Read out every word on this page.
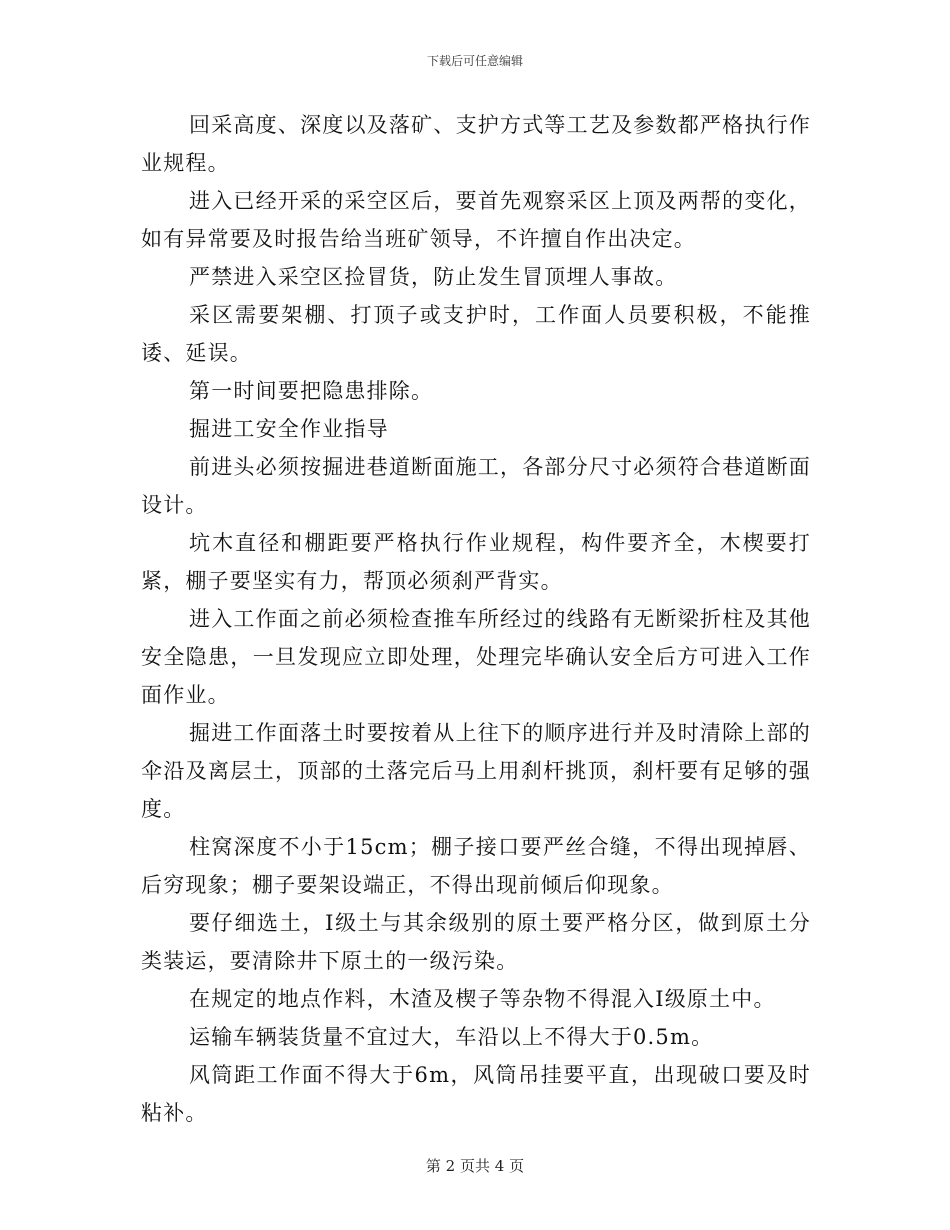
下载后可任意编辑

回采高度、深度以及落矿、支护方式等工艺及参数都严格执行作业规程。

进入已经开采的采空区后，要首先观察采区上顶及两帮的变化，如有异常要及时报告给当班矿领导，不许擅自作出决定。

严禁进入采空区捡冒货，防止发生冒顶埋人事故。

采区需要架棚、打顶子或支护时，工作面人员要积极，不能推诿、延误。

第一时间要把隐患排除。

掘进工安全作业指导

前进头必须按掘进巷道断面施工，各部分尺寸必须符合巷道断面设计。

坑木直径和棚距要严格执行作业规程，构件要齐全，木楔要打紧，棚子要坚实有力，帮顶必须刹严背实。

进入工作面之前必须检查推车所经过的线路有无断梁折柱及其他安全隐患，一旦发现应立即处理，处理完毕确认安全后方可进入工作面作业。

掘进工作面落土时要按着从上往下的顺序进行并及时清除上部的伞沿及离层土，顶部的土落完后马上用刹杆挑顶，刹杆要有足够的强度。

柱窝深度不小于15cm；棚子接口要严丝合缝，不得出现掉唇、后穷现象；棚子要架设端正，不得出现前倾后仰现象。

要仔细选土，I级土与其余级别的原土要严格分区，做到原土分类装运，要清除井下原土的一级污染。

在规定的地点作料，木渣及楔子等杂物不得混入I级原土中。

运输车辆装货量不宜过大，车沿以上不得大于0.5m。

风筒距工作面不得大于6m，风筒吊挂要平直，出现破口要及时粘补。

第 2 页共 4 页
